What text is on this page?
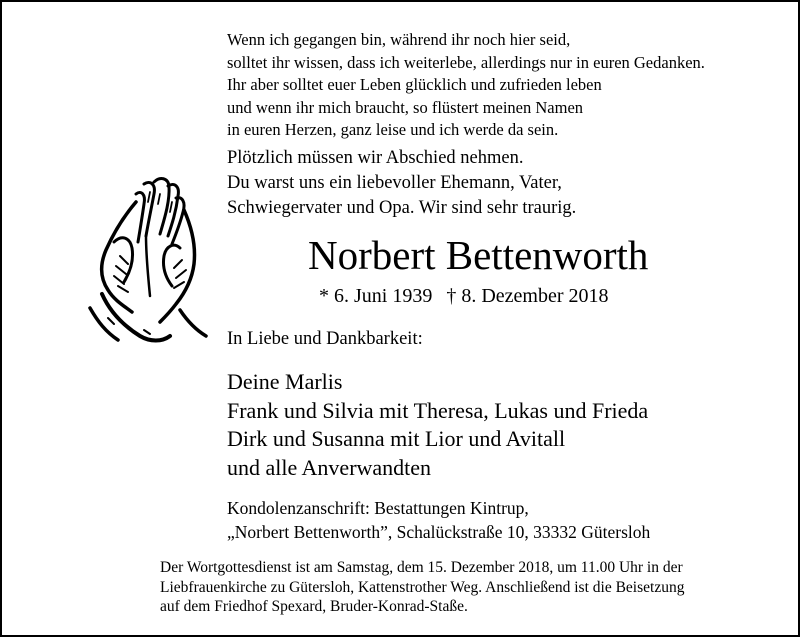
Wenn ich gegangen bin, während ihr noch hier seid,
solltet ihr wissen, dass ich weiterlebe, allerdings nur in euren Gedanken.
Ihr aber solltet euer Leben glücklich und zufrieden leben
und wenn ihr mich braucht, so flüstert meinen Namen
in euren Herzen, ganz leise und ich werde da sein.
Plötzlich müssen wir Abschied nehmen.
Du warst uns ein liebevoller Ehemann, Vater,
Schwiegervater und Opa. Wir sind sehr traurig.
Norbert Bettenworth
* 6. Juni 1939 † 8. Dezember 2018
In Liebe und Dankbarkeit:
Deine Marlis
Frank und Silvia mit Theresa, Lukas und Frieda
Dirk und Susanna mit Lior und Avitall
und alle Anverwandten
Kondolenzanschrift: Bestattungen Kintrup,
„Norbert Bettenworth”, Schalückstraße 10, 33332 Gütersloh
Der Wortgottesdienst ist am Samstag, dem 15. Dezember 2018, um 11.00 Uhr in der
Liebfrauenkirche zu Gütersloh, Kattenstrother Weg. Anschließend ist die Beisetzung
auf dem Friedhof Spexard, Bruder-Konrad-Staße.
